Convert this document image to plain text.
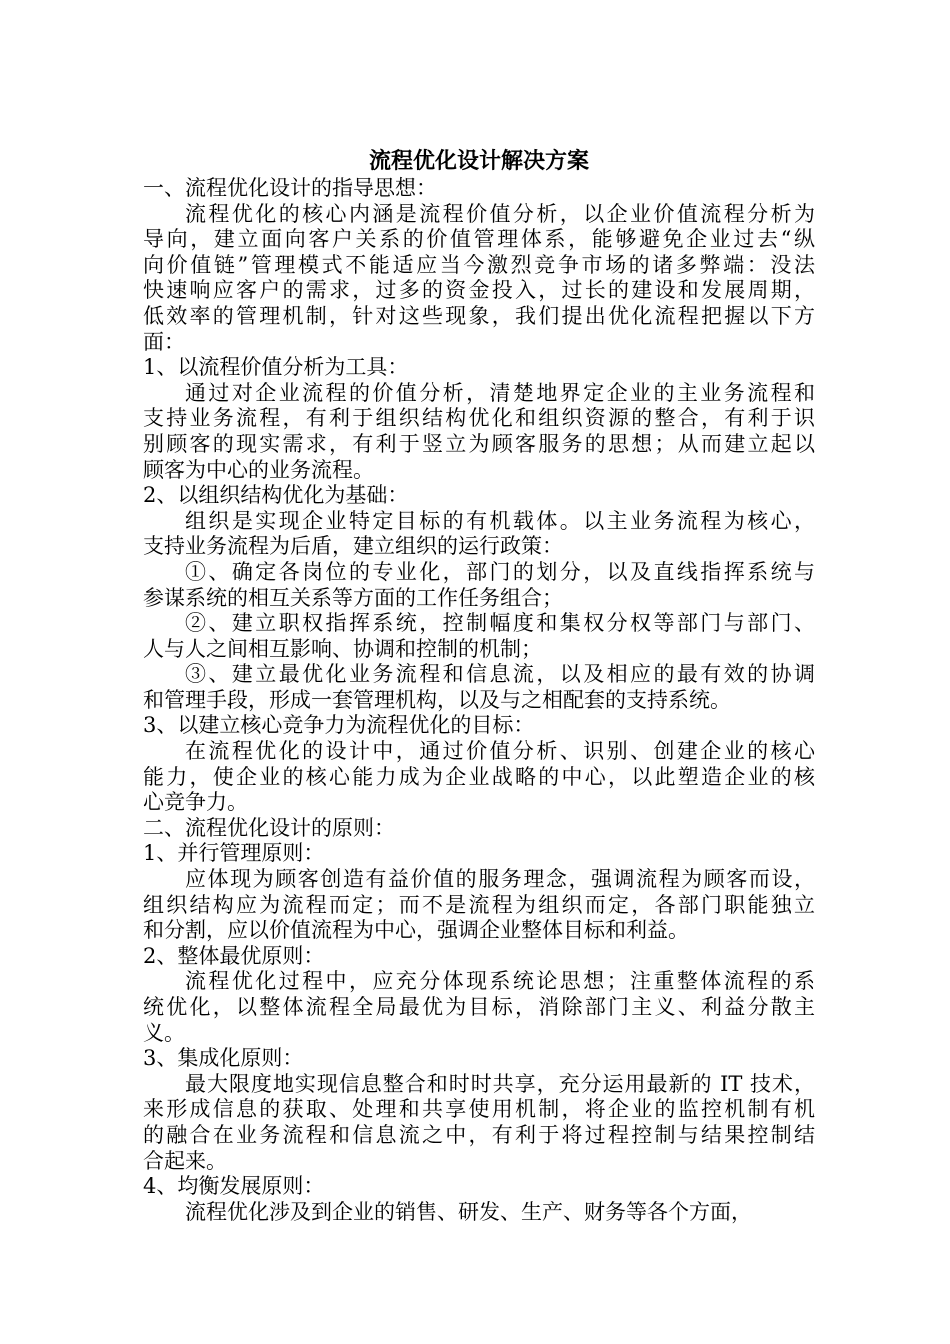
流程优化设计解决方案
一、流程优化设计的指导思想：
流程优化的核心内涵是流程价值分析，以企业价值流程分析为
导向，建立面向客户关系的价值管理体系，能够避免企业过去“纵
向价值链”管理模式不能适应当今激烈竞争市场的诸多弊端：没法
快速响应客户的需求，过多的资金投入，过长的建设和发展周期，
低效率的管理机制，针对这些现象，我们提出优化流程把握以下方
面：
1、以流程价值分析为工具：
通过对企业流程的价值分析，清楚地界定企业的主业务流程和
支持业务流程，有利于组织结构优化和组织资源的整合，有利于识
别顾客的现实需求，有利于竖立为顾客服务的思想；从而建立起以
顾客为中心的业务流程。
2、以组织结构优化为基础：
组织是实现企业特定目标的有机载体。以主业务流程为核心，
支持业务流程为后盾，建立组织的运行政策：
①、确定各岗位的专业化，部门的划分，以及直线指挥系统与
参谋系统的相互关系等方面的工作任务组合；
②、建立职权指挥系统，控制幅度和集权分权等部门与部门、
人与人之间相互影响、协调和控制的机制；
③、建立最优化业务流程和信息流，以及相应的最有效的协调
和管理手段，形成一套管理机构，以及与之相配套的支持系统。
3、以建立核心竞争力为流程优化的目标：
在流程优化的设计中，通过价值分析、识别、创建企业的核心
能力，使企业的核心能力成为企业战略的中心，以此塑造企业的核
心竞争力。
二、流程优化设计的原则：
1、并行管理原则：
应体现为顾客创造有益价值的服务理念，强调流程为顾客而设，
组织结构应为流程而定；而不是流程为组织而定，各部门职能独立
和分割，应以价值流程为中心，强调企业整体目标和利益。
2、整体最优原则：
流程优化过程中，应充分体现系统论思想；注重整体流程的系
统优化，以整体流程全局最优为目标，消除部门主义、利益分散主
义。
3、集成化原则：
最大限度地实现信息整合和时时共享，充分运用最新的 IT 技术，
来形成信息的获取、处理和共享使用机制，将企业的监控机制有机
的融合在业务流程和信息流之中，有利于将过程控制与结果控制结
合起来。
4、均衡发展原则：
流程优化涉及到企业的销售、研发、生产、财务等各个方面，
